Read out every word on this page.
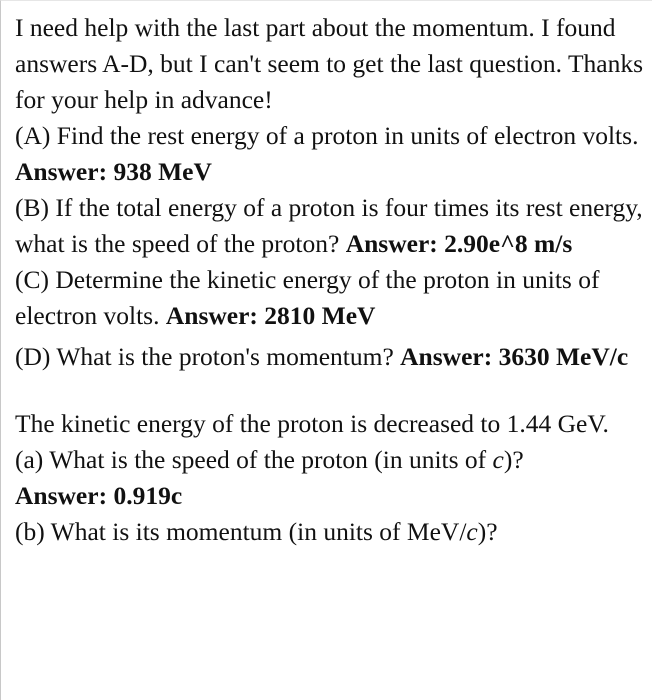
I need help with the last part about the momentum. I found answers A-D, but I can't seem to get the last question. Thanks for your help in advance!

(A) Find the rest energy of a proton in units of electron volts. Answer: 938 MeV

(B) If the total energy of a proton is four times its rest energy, what is the speed of the proton? Answer: 2.90e^8 m/s

(C) Determine the kinetic energy of the proton in units of electron volts. Answer: 2810 MeV

(D) What is the proton's momentum? Answer: 3630 MeV/c

The kinetic energy of the proton is decreased to 1.44 GeV.

(a) What is the speed of the proton (in units of c)?

Answer: 0.919c

(b) What is its momentum (in units of MeV/c)?
